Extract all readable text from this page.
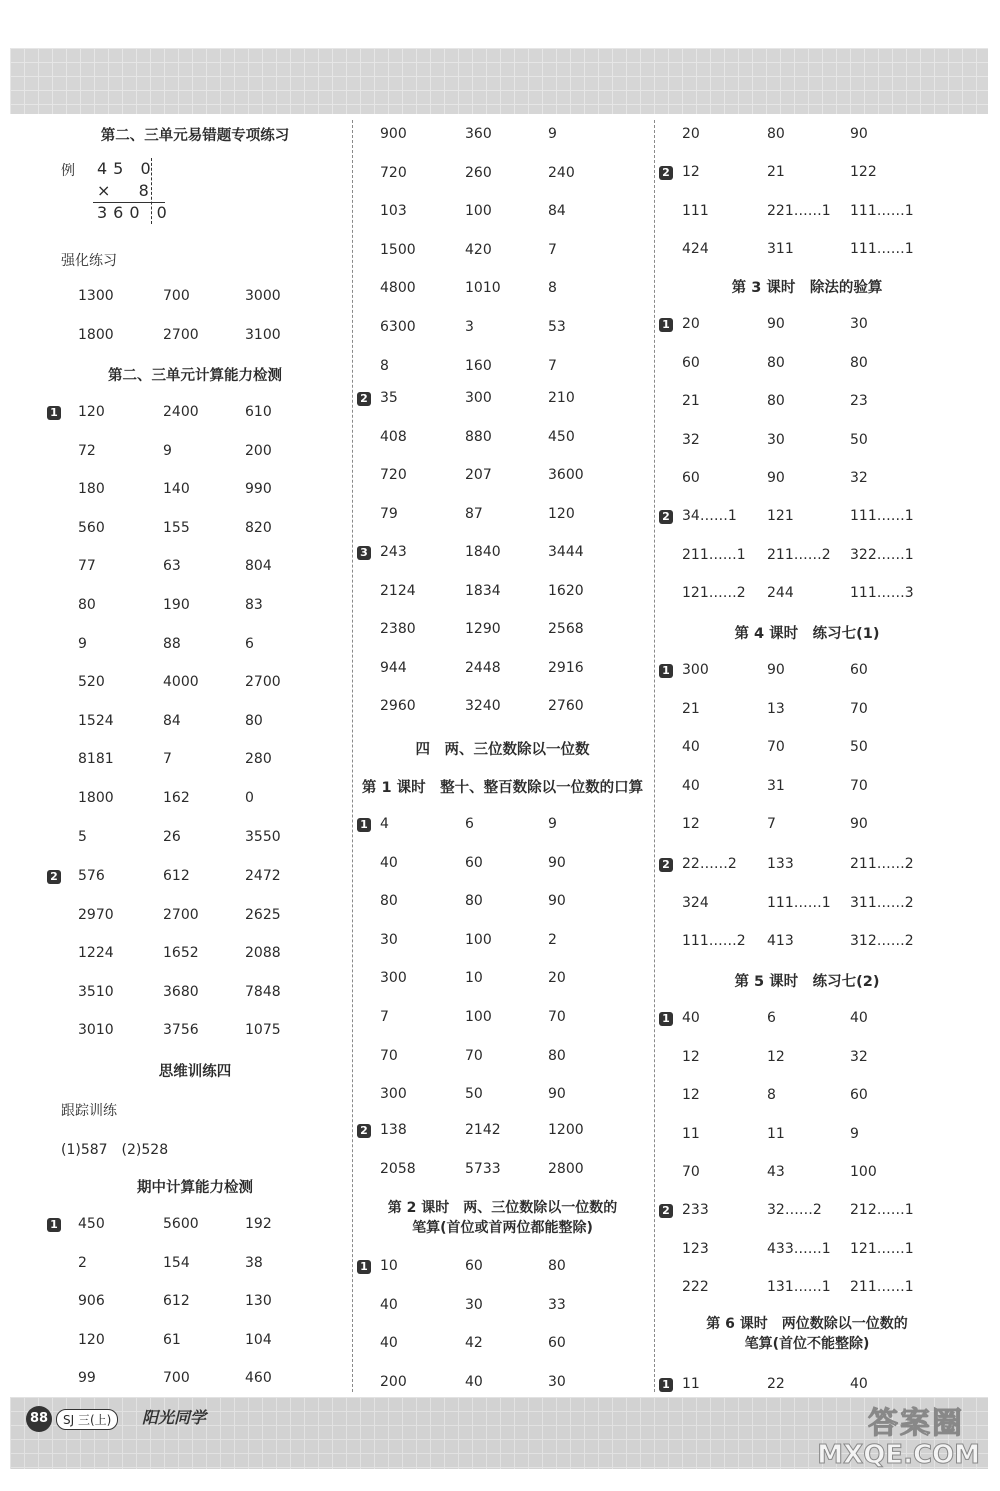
第二、三单元易错题专项练习
例 45 0
×  8
360 0
强化练习
1300	700	3000
1800	2700	3100
第二、三单元计算能力检测
1 120	2400	610
72	9	200
180	140	990
560	155	820
77	63	804
80	190	83
9	88	6
520	4000	2700
1524	84	80
8181	7	280
1800	162	0
5	26	3550
2 576	612	2472
2970	2700	2625
1224	1652	2088
3510	3680	7848
3010	3756	1075
思维训练四
跟踪训练
(1)587　(2)528
期中计算能力检测
1 450	5600	192
2	154	38
906	612	130
120	61	104
99	700	460
900	360	9
720	260	240
103	100	84
1500	420	7
4800	1010	8
6300	3	53
8	160	7
2 35	300	210
408	880	450
720	207	3600
79	87	120
3 243	1840	3444
2124	1834	1620
2380	1290	2568
944	2448	2916
2960	3240	2760
四　两、三位数除以一位数
第 1 课时　整十、整百数除以一位数的口算
1 4	6	9
40	60	90
80	80	90
30	100	2
300	10	20
7	100	70
70	70	80
300	50	90
2 138	2142	1200
2058	5733	2800
第 2 课时　两、三位数除以一位数的
笔算(首位或首两位都能整除)
1 10	60	80
40	30	33
40	42	60
200	40	30
20	80	90
2 12	21	122
111	221……1 111……1
424	311	111……1
第 3 课时　除法的验算
1 20	90	30
60	80	80
21	80	23
32	30	50
60	90	32
2 34……1 121	111……1
211……1 211……2 322……1
121……2 244	111……3
第 4 课时　练习七(1)
1 300	90	60
21	13	70
40	70	50
40	31	70
12	7	90
2 22……2 133	211……2
324	111……1 311……2
111……2 413	312……2
第 5 课时　练习七(2)
1 40	6	40
12	12	32
12	8	60
11	11	9
70	43	100
2 233	32……2 212……1
123	433……1 121……1
222	131……1 211……1
第 6 课时　两位数除以一位数的
笔算(首位不能整除)
1 11	22	40
88	SJ 三(上)	阳光同学	答案圈
MXQE.COM
